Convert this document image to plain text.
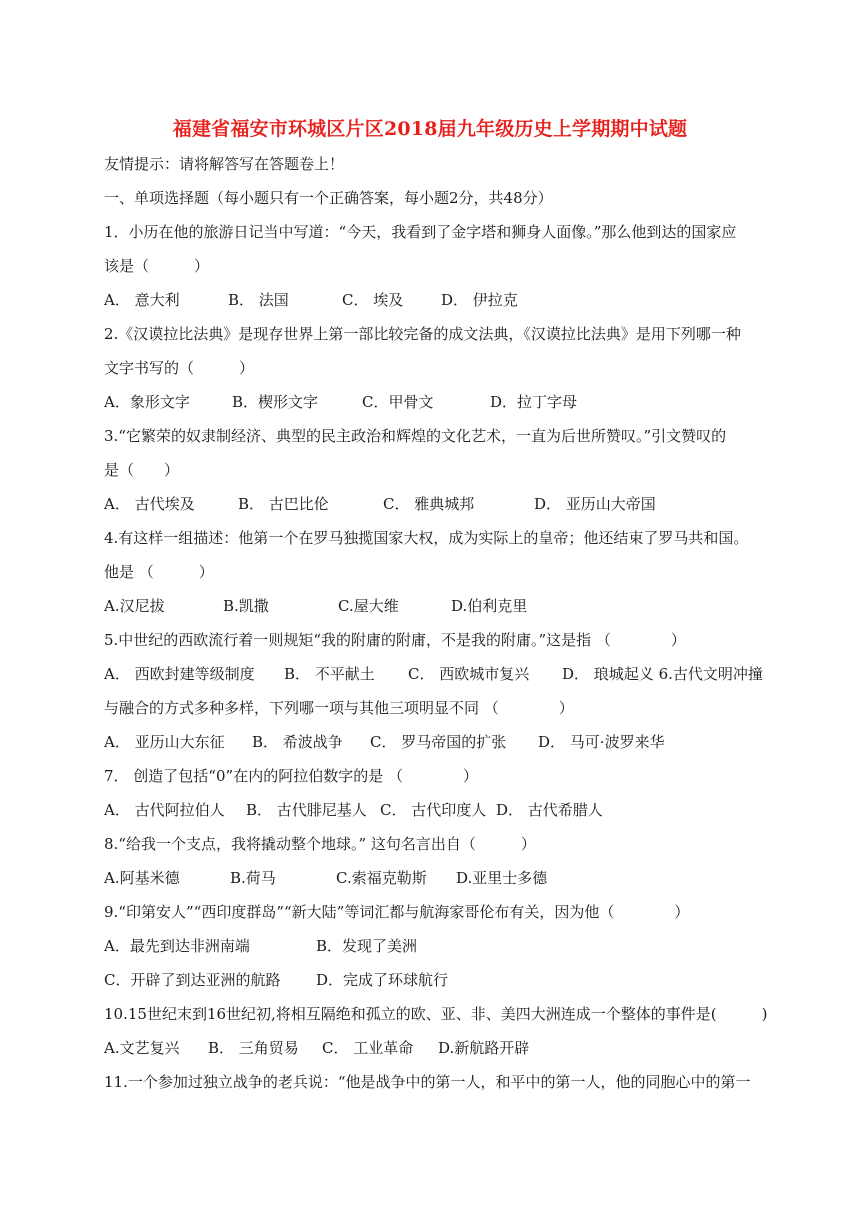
福建省福安市环城区片区2018届九年级历史上学期期中试题
友情提示：请将解答写在答题卷上！
一、单项选择题（每小题只有一个正确答案，每小题2分，共48分）
1．小历在他的旅游日记当中写道：“今天，我看到了金字塔和狮身人面像。”那么他到达的国家应
该是（　　　）
A． 意大利	B． 法国	C． 埃及	D． 伊拉克
2.《汉谟拉比法典》是现存世界上第一部比较完备的成文法典，《汉谟拉比法典》是用下列哪一种
文字书写的（　　　）
A．象形文字	B．楔形文字	C．甲骨文	D．拉丁字母
3.“它繁荣的奴隶制经济、典型的民主政治和辉煌的文化艺术，一直为后世所赞叹。”引文赞叹的
是（　　）
A． 古代埃及	B． 古巴比伦	C． 雅典城邦	D． 亚历山大帝国
4.有这样一组描述：他第一个在罗马独揽国家大权，成为实际上的皇帝；他还结束了罗马共和国。
他是 （　　　）
A.汉尼拔	B.凯撒	C.屋大维	D.伯利克里
5.中世纪的西欧流行着一则规矩“我的附庸的附庸，不是我的附庸。”这是指 （　　　　）
A． 西欧封建等级制度 B． 不平献土 C． 西欧城市复兴 D． 琅城起义 6.古代文明冲撞
与融合的方式多种多样，下列哪一项与其他三项明显不同 （　　　　）
A． 亚历山大东征 B． 希波战争 C． 罗马帝国的扩张 D． 马可·波罗来华
7． 创造了包括“0”在内的阿拉伯数字的是 （　　　　）
A． 古代阿拉伯人 B． 古代腓尼基人 C． 古代印度人 D． 古代希腊人
8.“给我一个支点，我将撬动整个地球。” 这句名言出自（　　　）
A.阿基米德	B.荷马	C.索福克勒斯 D.亚里士多德
9.“印第安人”“西印度群岛”“新大陆”等词汇都与航海家哥伦布有关，因为他（　　　　）
A．最先到达非洲南端	B．发现了美洲
C．开辟了到达亚洲的航路 D．完成了环球航行
10.15世纪末到16世纪初,将相互隔绝和孤立的欧、亚、非、美四大洲连成一个整体的事件是(　　　)
A.文艺复兴 B． 三角贸易 C． 工业革命 D.新航路开辟
11.一个参加过独立战争的老兵说：“他是战争中的第一人，和平中的第一人，他的同胞心中的第一
